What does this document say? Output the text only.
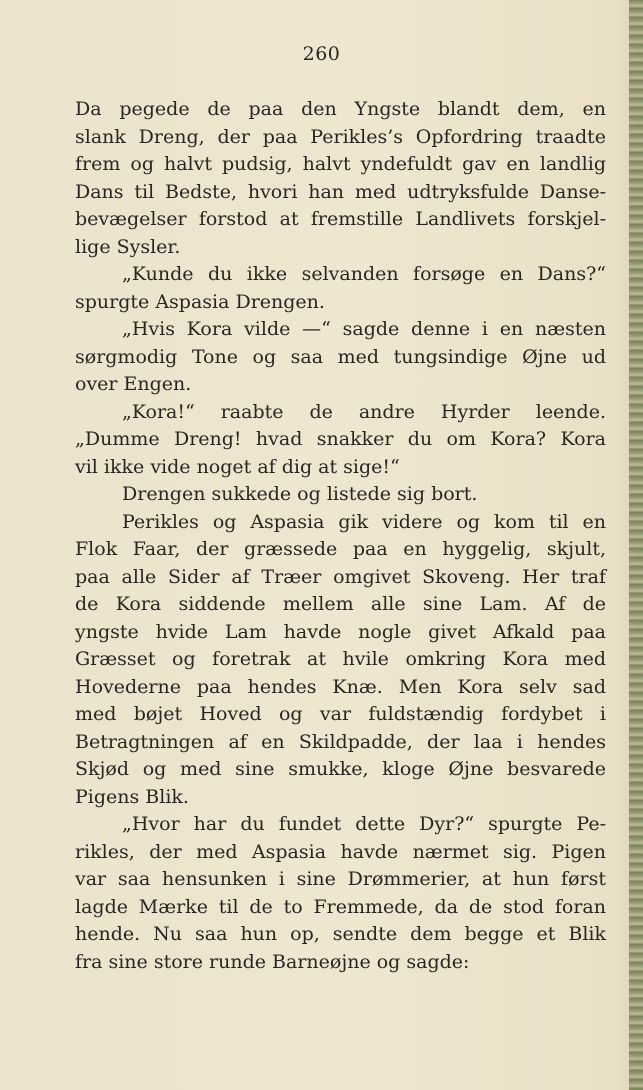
260
Da pegede de paa den Yngste blandt dem, en
slank Dreng, der paa Perikles’s Opfordring traadte
frem og halvt pudsig, halvt yndefuldt gav en landlig
Dans til Bedste, hvori han med udtryksfulde Danse-
bevægelser forstod at fremstille Landlivets forskjel-
lige Sysler.
„Kunde du ikke selvanden forsøge en Dans?“
spurgte Aspasia Drengen.
„Hvis Kora vilde —“ sagde denne i en næsten
sørgmodig Tone og saa med tungsindige Øjne ud
over Engen.
„Kora!“ raabte de andre Hyrder leende.
„Dumme Dreng! hvad snakker du om Kora? Kora
vil ikke vide noget af dig at sige!“
Drengen sukkede og listede sig bort.
Perikles og Aspasia gik videre og kom til en
Flok Faar, der græssede paa en hyggelig, skjult,
paa alle Sider af Træer omgivet Skoveng. Her traf
de Kora siddende mellem alle sine Lam. Af de
yngste hvide Lam havde nogle givet Afkald paa
Græsset og foretrak at hvile omkring Kora med
Hovederne paa hendes Knæ. Men Kora selv sad
med bøjet Hoved og var fuldstændig fordybet i
Betragtningen af en Skildpadde, der laa i hendes
Skjød og med sine smukke, kloge Øjne besvarede
Pigens Blik.
„Hvor har du fundet dette Dyr?“ spurgte Pe-
rikles, der med Aspasia havde nærmet sig. Pigen
var saa hensunken i sine Drømmerier, at hun først
lagde Mærke til de to Fremmede, da de stod foran
hende. Nu saa hun op, sendte dem begge et Blik
fra sine store runde Barneøjne og sagde:
